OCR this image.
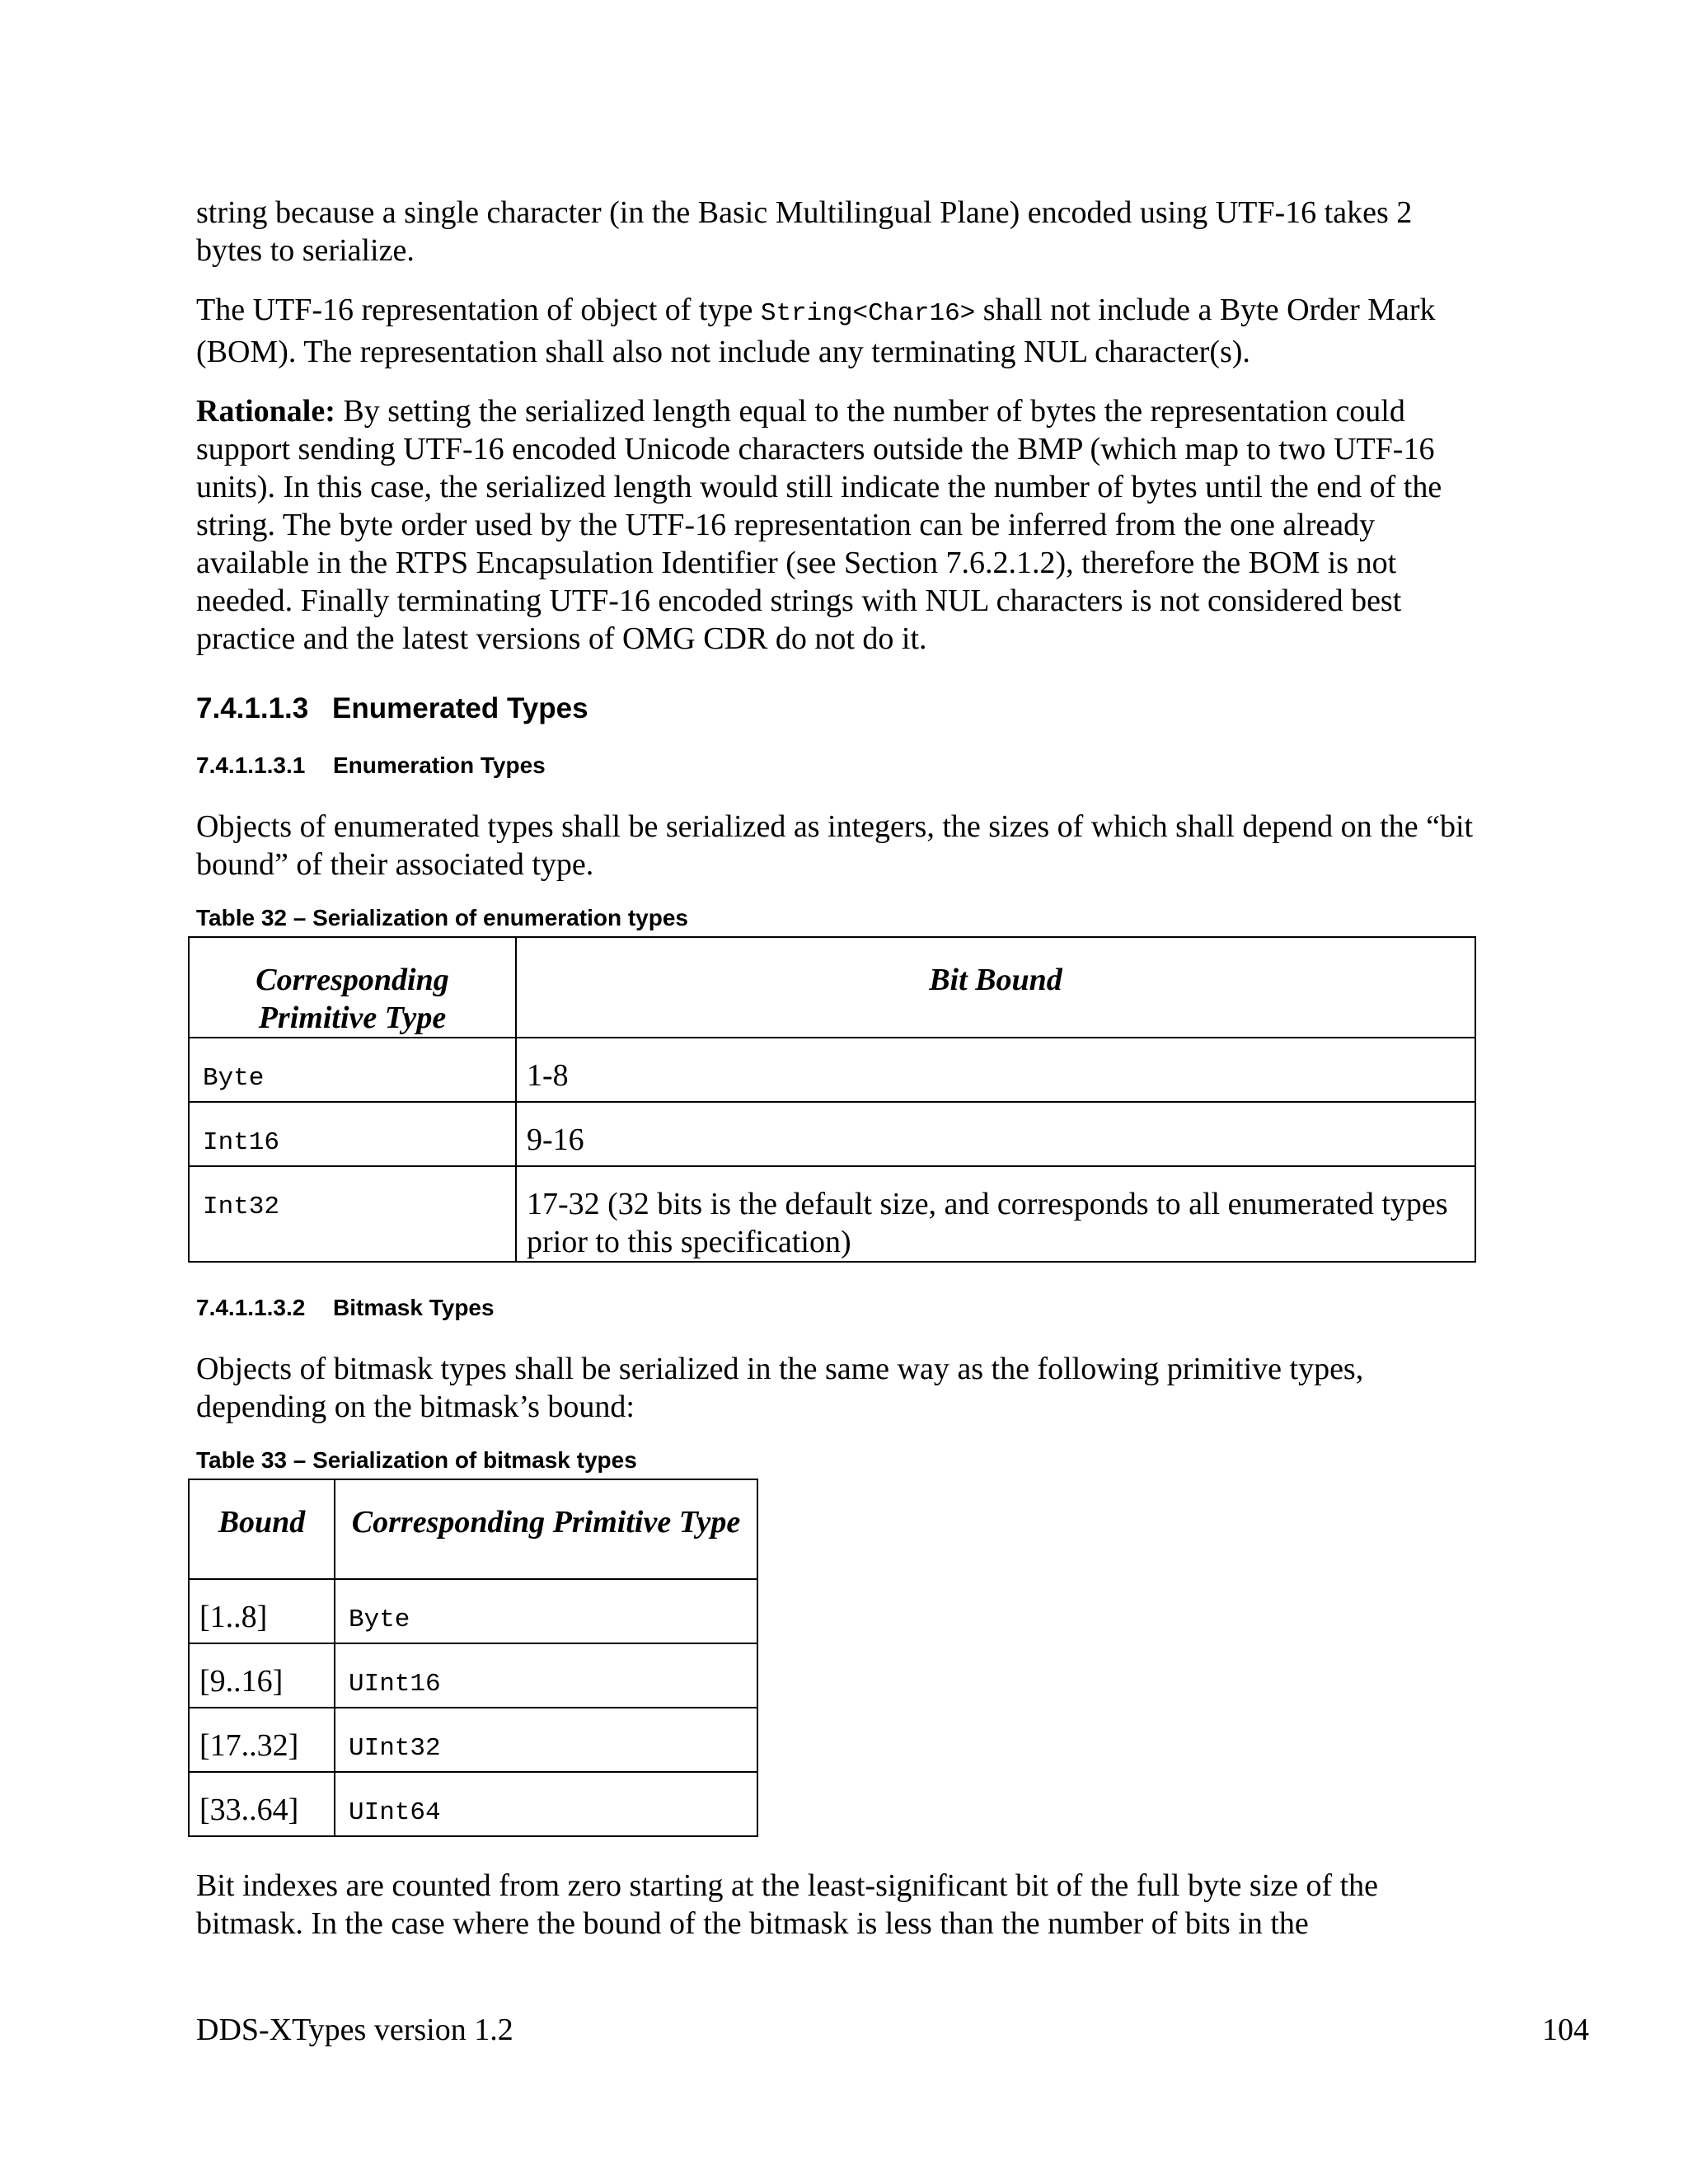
string because a single character (in the Basic Multilingual Plane) encoded using UTF-16 takes 2 bytes to serialize.

The UTF-16 representation of object of type String<Char16> shall not include a Byte Order Mark (BOM). The representation shall also not include any terminating NUL character(s).

Rationale: By setting the serialized length equal to the number of bytes the representation could support sending UTF-16 encoded Unicode characters outside the BMP (which map to two UTF-16 units). In this case, the serialized length would still indicate the number of bytes until the end of the string. The byte order used by the UTF-16 representation can be inferred from the one already available in the RTPS Encapsulation Identifier (see Section 7.6.2.1.2), therefore the BOM is not needed. Finally terminating UTF-16 encoded strings with NUL characters is not considered best practice and the latest versions of OMG CDR do not do it.

7.4.1.1.3 Enumerated Types
7.4.1.1.3.1 Enumeration Types

Objects of enumerated types shall be serialized as integers, the sizes of which shall depend on the “bit bound” of their associated type.

Table 32 – Serialization of enumeration types
Corresponding Primitive Type	Bit Bound
Byte	1-8
Int16	9-16
Int32	17-32 (32 bits is the default size, and corresponds to all enumerated types prior to this specification)
7.4.1.1.3.2 Bitmask Types

Objects of bitmask types shall be serialized in the same way as the following primitive types, depending on the bitmask’s bound:

Table 33 – Serialization of bitmask types
Bound	Corresponding Primitive Type
[1..8]	Byte
[9..16]	UInt16
[17..32]	UInt32
[33..64]	UInt64

Bit indexes are counted from zero starting at the least-significant bit of the full byte size of the bitmask. In the case where the bound of the bitmask is less than the number of bits in the

DDS-XTypes version 1.2	104
